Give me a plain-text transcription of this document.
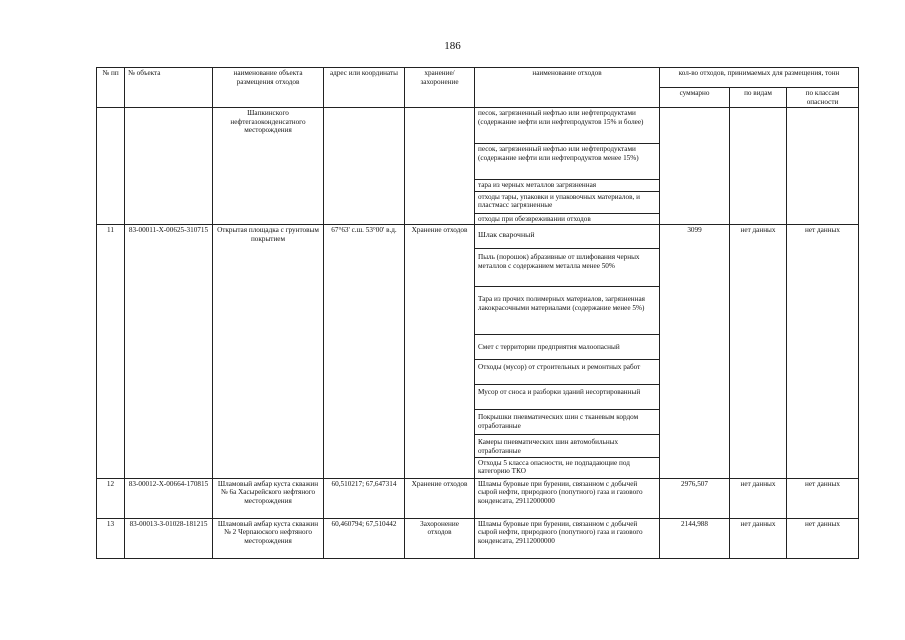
186
№ пп	№ объекта	наименование объекта размещения отходов	адрес или координаты	хранение/захоронение	наименование отходов	кол-во отходов, принимаемых для размещения, тонн		
						суммарно	по видам	по классам опасности
		Шапкинского нефтегазоконденсатного месторождения			песок, загрязненный нефтью или нефтепродуктами (содержание нефти или нефтепродуктов 15% и более)			
					песок, загрязненный нефтью или нефтепродуктами (содержание нефти или нефтепродуктов менее 15%)			
					тара из черных металлов загрязненная			
					отходы тары, упаковки и упаковочных материалов, и пластмасс загрязненные			
					отходы при обезвреживании отходов			
11	83-00011-Х-00625-310715	Открытая площадка с грунтовым покрытием	67°63' с.ш. 53°00' в.д.	Хранение отходов	Шлак сварочный	3099	нет данных	нет данных
					Пыль (порошок) абразивные от шлифования черных металлов с содержанием металла менее 50%			
					Тара из прочих полимерных материалов, загрязненная лакокрасочными материалами (содержание менее 5%)			
					Смет с территории предприятия малоопасный			
					Отходы (мусор) от строительных и ремонтных работ			
					Мусор от сноса и разборки зданий несортированный			
					Покрышки пневматических шин с тканевым кордом отработанные			
					Камеры пневматических шин автомобильных отработанные			
					Отходы 5 класса опасности, не подпадающие под категорию ТКО			
12	83-00012-Х-00664-170815	Шламовый амбар куста скважин № 6а Хасырейского нефтяного месторождения	60,510217; 67,647314	Хранение отходов	Шламы буровые при бурении, связанном с добычей сырой нефти, природного (попутного) газа и газового конденсата, 29112000000	2976,507	нет данных	нет данных
13	83-00013-З-01028-181215	Шламовый амбар куста скважин № 2 Черпаюского нефтяного месторождения	60,460794; 67,510442	Захоронение отходов	Шламы буровые при бурении, связанном с добычей сырой нефти, природного (попутного) газа и газового конденсата, 29112000000	2144,988	нет данных	нет данных
